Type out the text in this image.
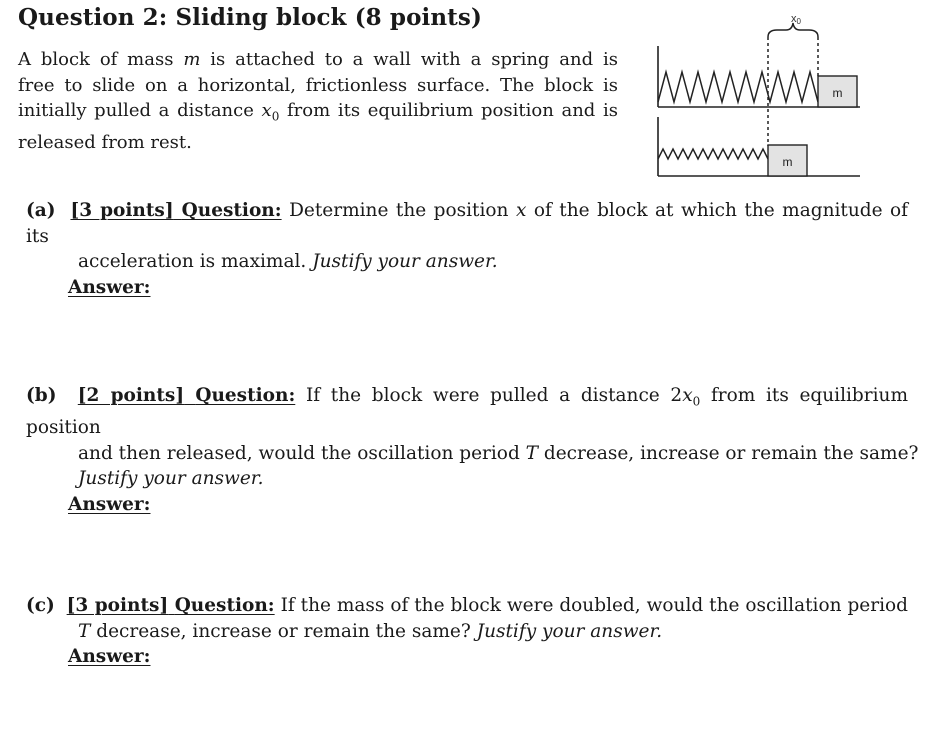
Question 2: Sliding block (8 points)
A block of mass m is attached to a wall with a spring and is
free to slide on a horizontal, frictionless surface. The block is
initially pulled a distance $x_0$ from its equilibrium position and is
released from rest.
x0
m
m
(a) [3 points] Question: Determine the position x of the block at which the magnitude of its
acceleration is maximal. Justify your answer.
Answer:
(b) [2 points] Question: If the block were pulled a distance $2x_0$ from its equilibrium position
and then released, would the oscillation period T decrease, increase or remain the same?
Justify your answer.
Answer:
(c) [3 points] Question: If the mass of the block were doubled, would the oscillation period
T decrease, increase or remain the same? Justify your answer.
Answer:
